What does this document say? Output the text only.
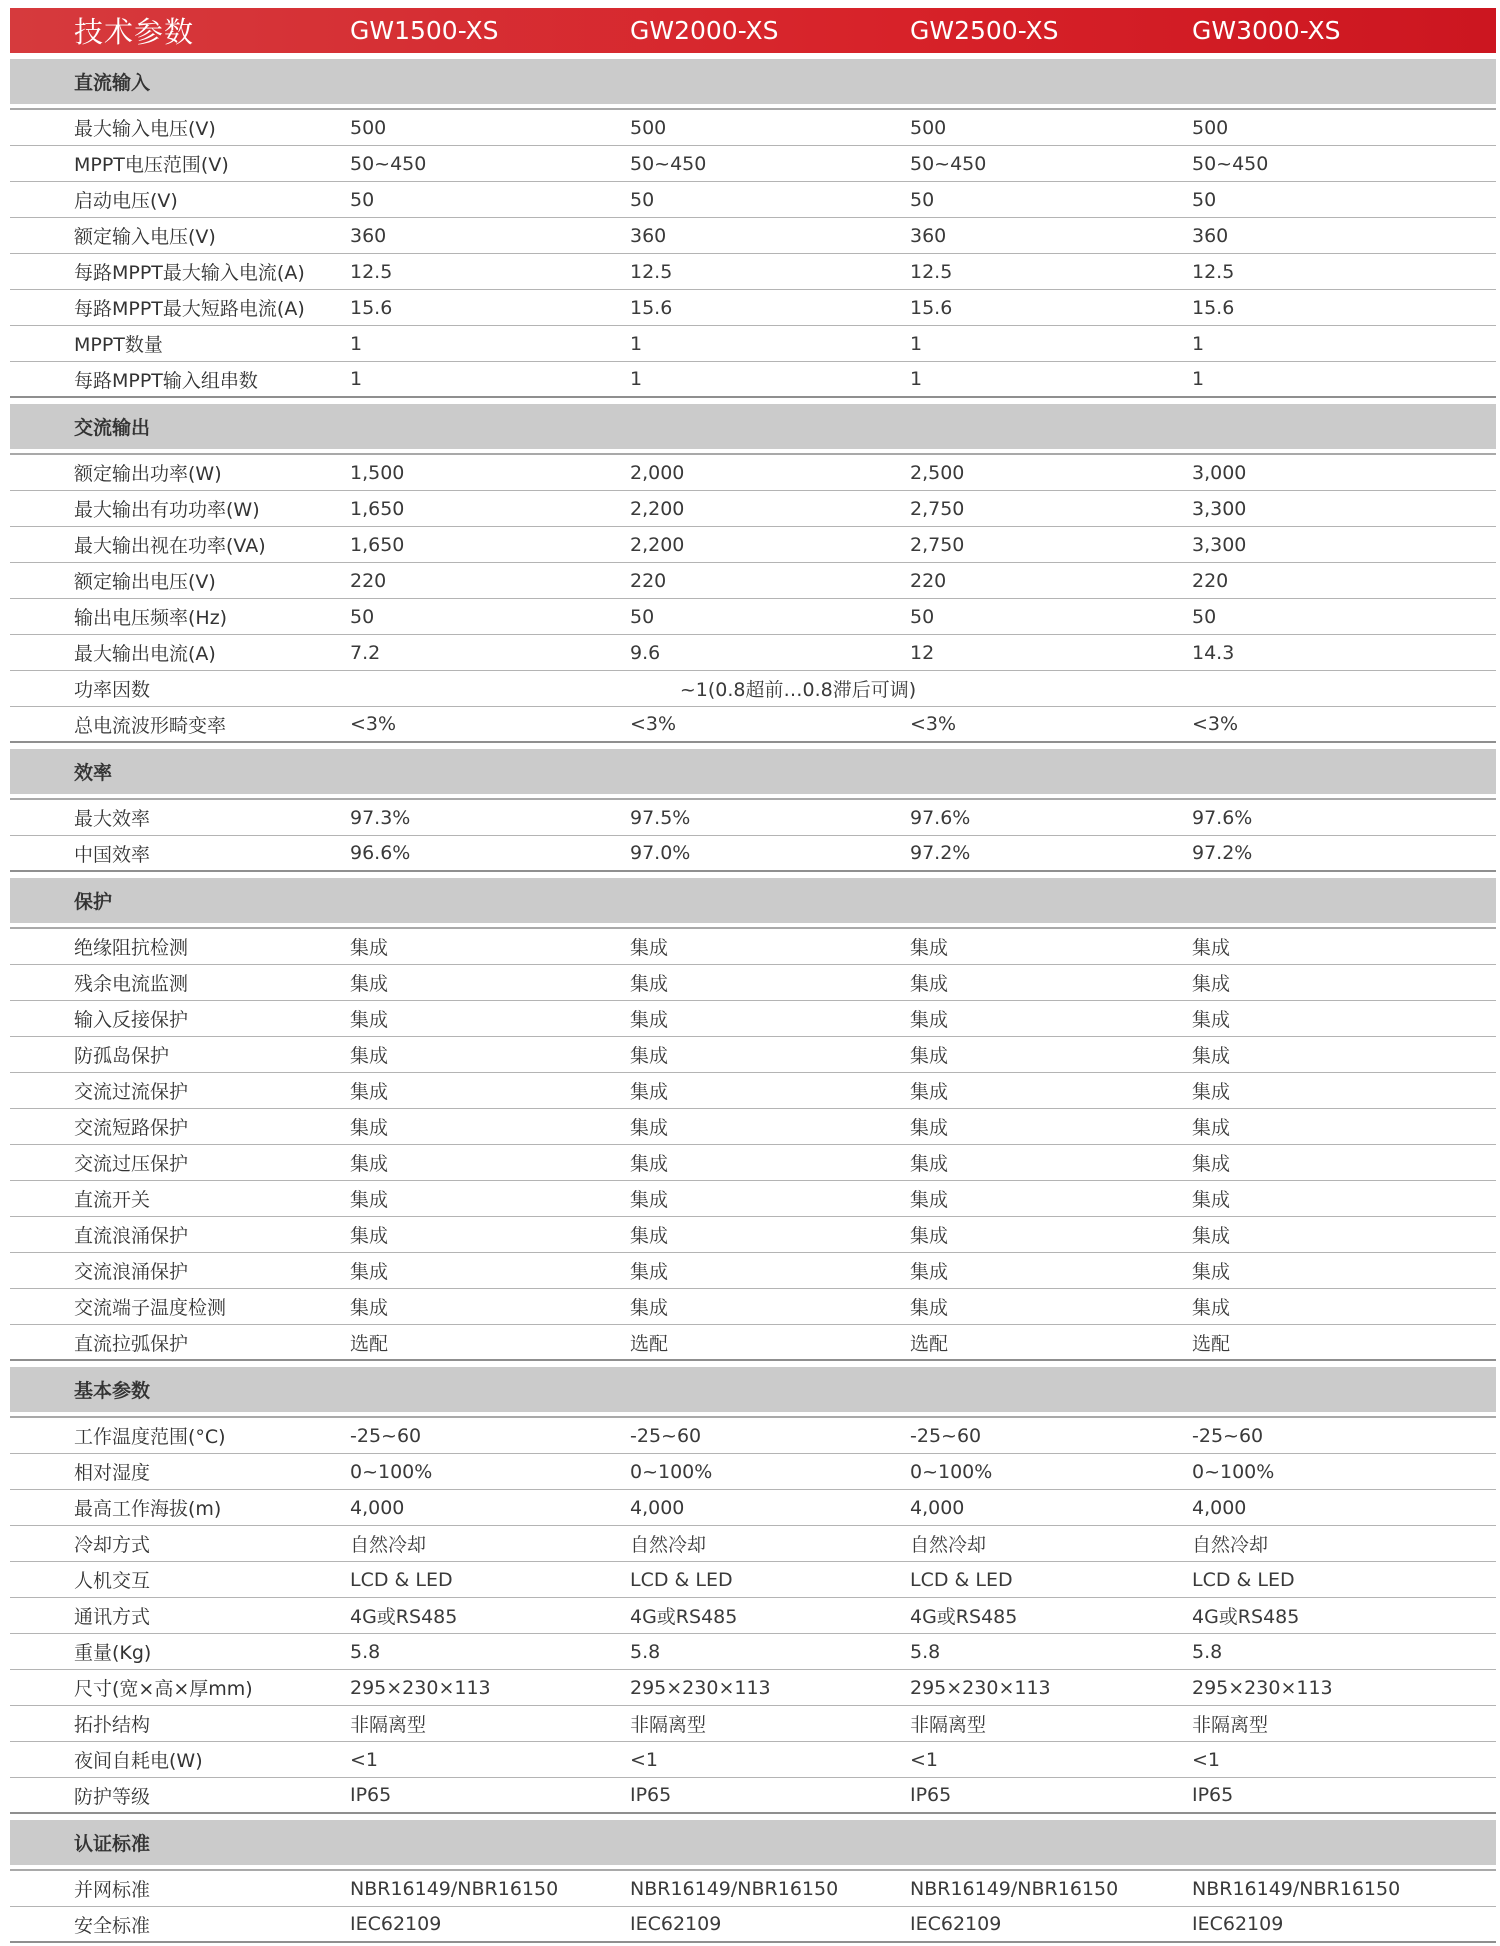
技术参数	GW1500-XS	GW2000-XS	GW2500-XS	GW3000-XS
直流输入
最大输入电压(V)	500	500	500	500
MPPT电压范围(V)	50~450	50~450	50~450	50~450
启动电压(V)	50	50	50	50
额定输入电压(V)	360	360	360	360
每路MPPT最大输入电流(A)	12.5	12.5	12.5	12.5
每路MPPT最大短路电流(A)	15.6	15.6	15.6	15.6
MPPT数量	1	1	1	1
每路MPPT输入组串数	1	1	1	1
交流输出
额定输出功率(W)	1,500	2,000	2,500	3,000
最大输出有功功率(W)	1,650	2,200	2,750	3,300
最大输出视在功率(VA)	1,650	2,200	2,750	3,300
额定输出电压(V)	220	220	220	220
输出电压频率(Hz)	50	50	50	50
最大输出电流(A)	7.2	9.6	12	14.3
功率因数	~1(0.8超前…0.8滞后可调)
总电流波形畸变率	<3%	<3%	<3%	<3%
效率
最大效率	97.3%	97.5%	97.6%	97.6%
中国效率	96.6%	97.0%	97.2%	97.2%
保护
绝缘阻抗检测	集成	集成	集成	集成
残余电流监测	集成	集成	集成	集成
输入反接保护	集成	集成	集成	集成
防孤岛保护	集成	集成	集成	集成
交流过流保护	集成	集成	集成	集成
交流短路保护	集成	集成	集成	集成
交流过压保护	集成	集成	集成	集成
直流开关	集成	集成	集成	集成
直流浪涌保护	集成	集成	集成	集成
交流浪涌保护	集成	集成	集成	集成
交流端子温度检测	集成	集成	集成	集成
直流拉弧保护	选配	选配	选配	选配
基本参数
工作温度范围(°C)	-25~60	-25~60	-25~60	-25~60
相对湿度	0~100%	0~100%	0~100%	0~100%
最高工作海拔(m)	4,000	4,000	4,000	4,000
冷却方式	自然冷却	自然冷却	自然冷却	自然冷却
人机交互	LCD & LED	LCD & LED	LCD & LED	LCD & LED
通讯方式	4G或RS485	4G或RS485	4G或RS485	4G或RS485
重量(Kg)	5.8	5.8	5.8	5.8
尺寸(宽×高×厚mm)	295×230×113	295×230×113	295×230×113	295×230×113
拓扑结构	非隔离型	非隔离型	非隔离型	非隔离型
夜间自耗电(W)	<1	<1	<1	<1
防护等级	IP65	IP65	IP65	IP65
认证标准
并网标准	NBR16149/NBR16150	NBR16149/NBR16150	NBR16149/NBR16150	NBR16149/NBR16150
安全标准	IEC62109	IEC62109	IEC62109	IEC62109
